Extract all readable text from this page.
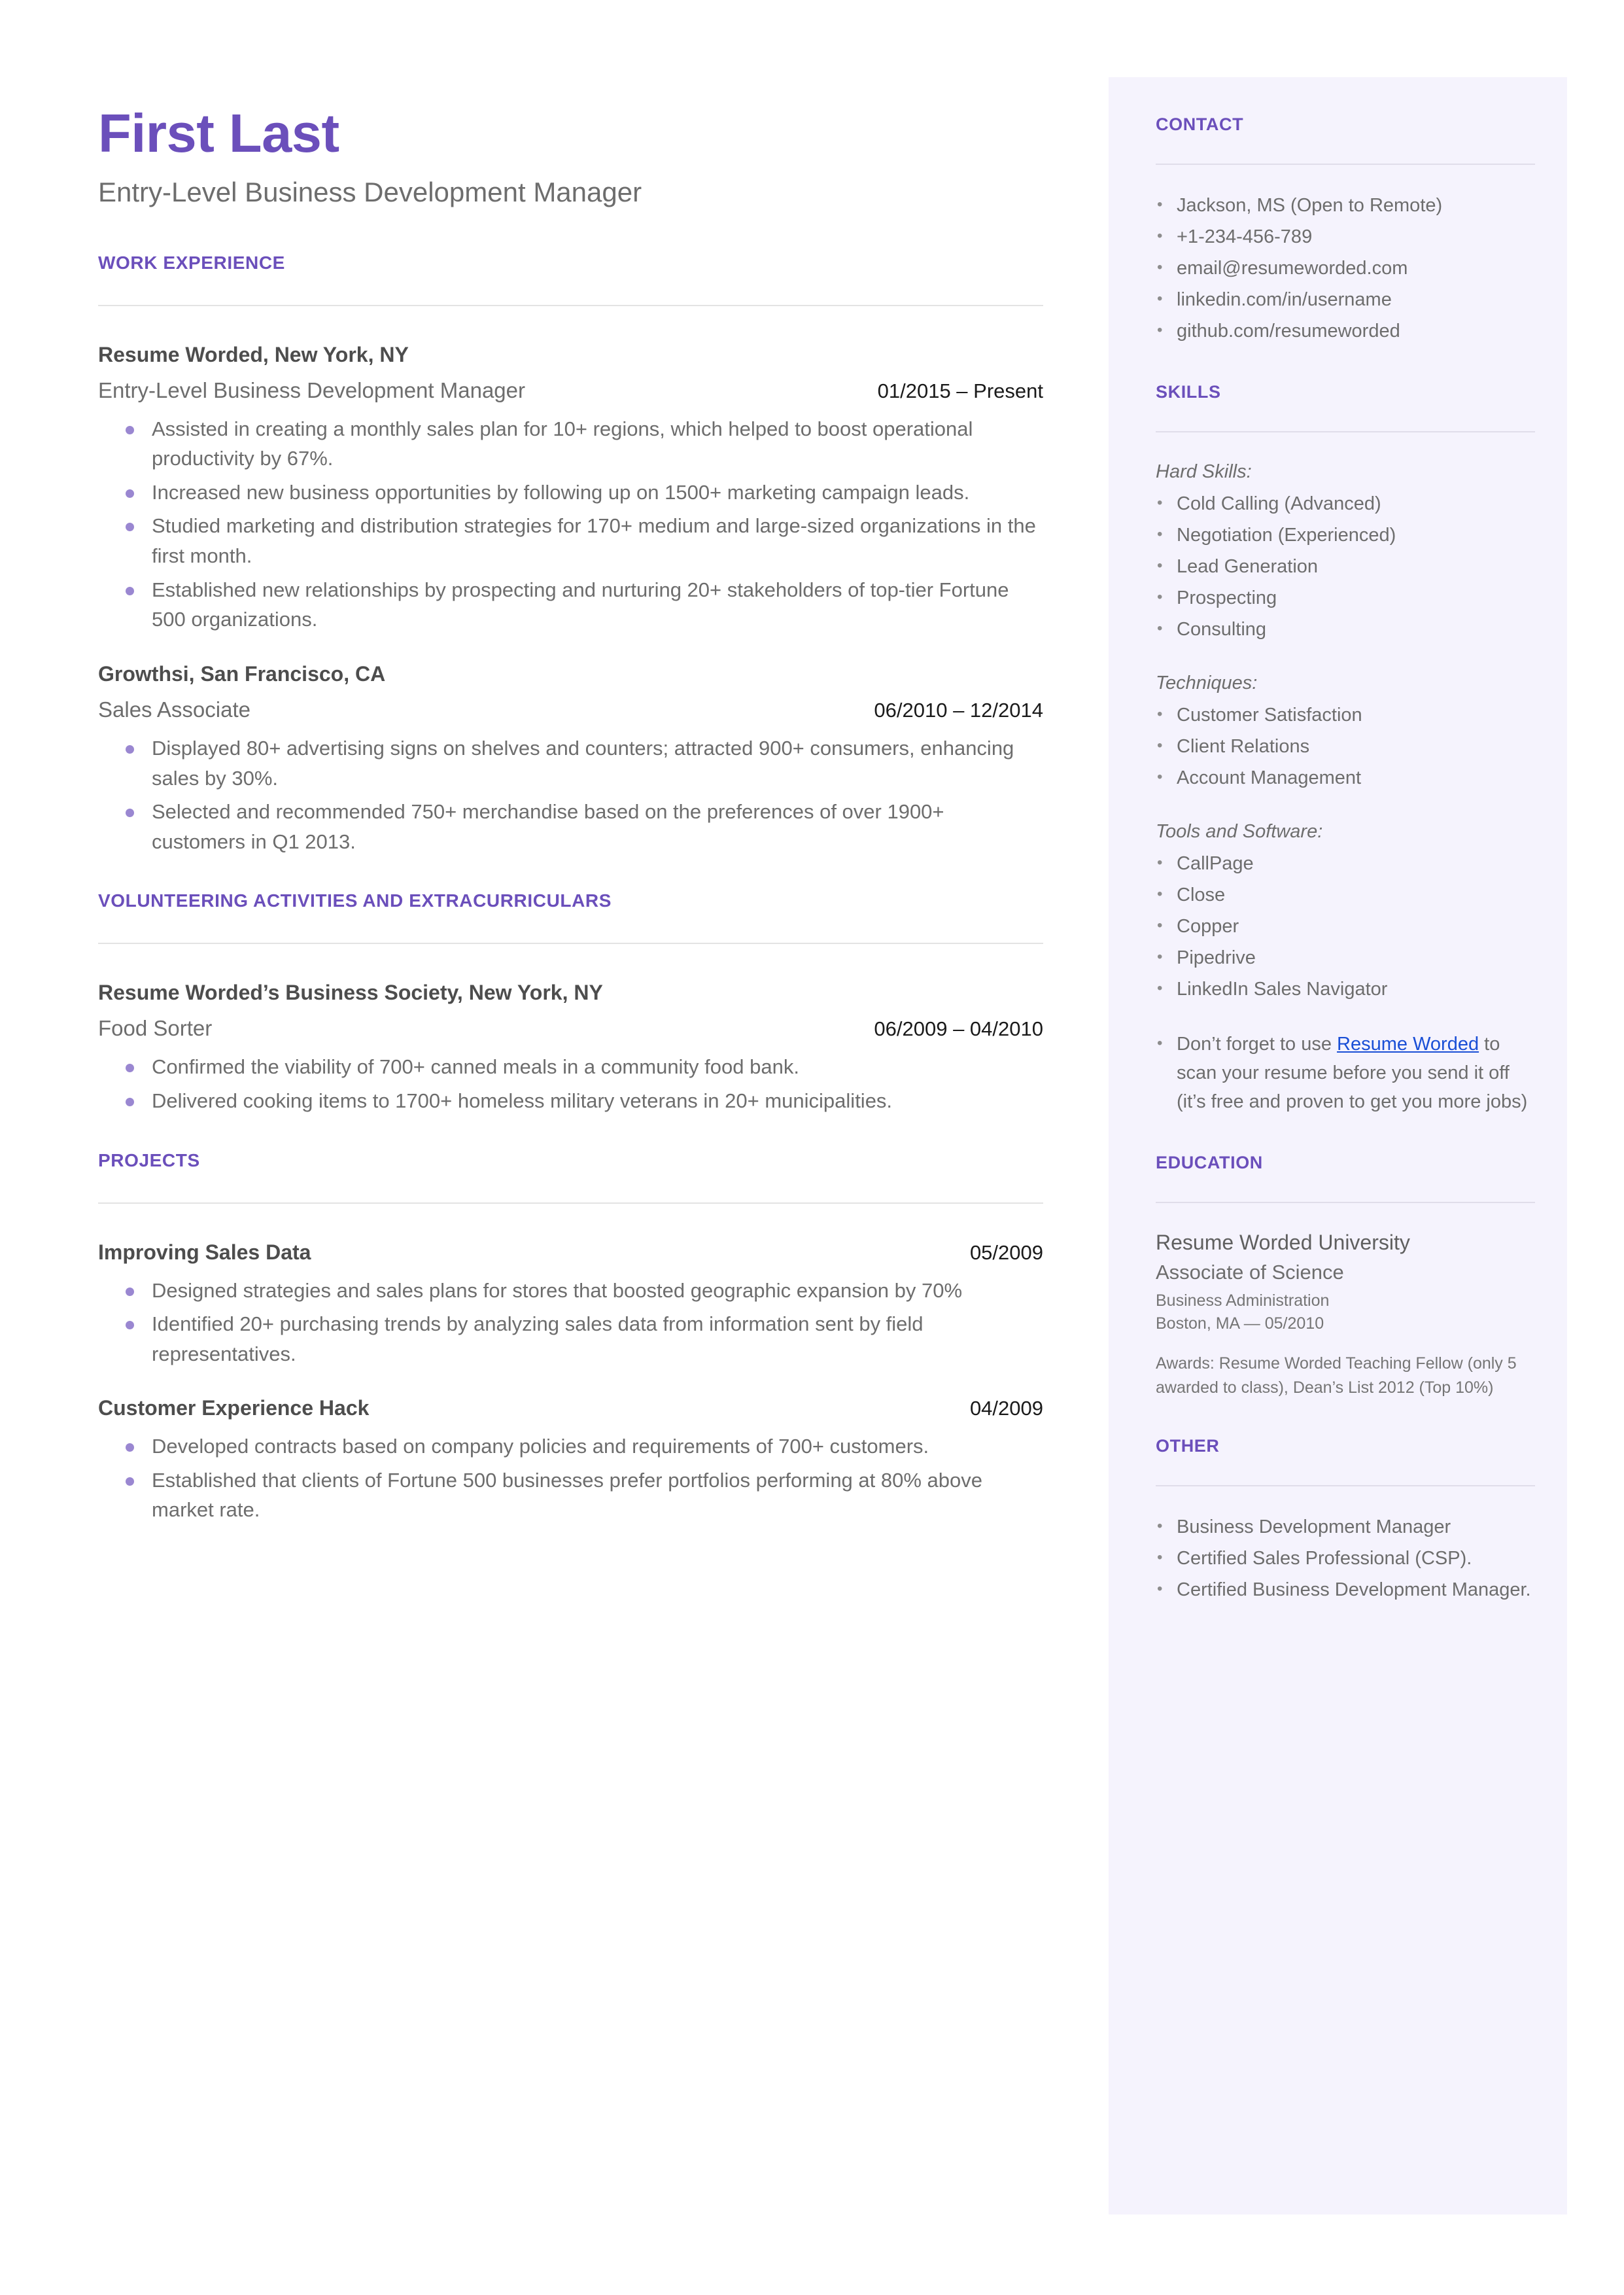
First Last
Entry-Level Business Development Manager
WORK EXPERIENCE
Resume Worded, New York, NY
Entry-Level Business Development Manager	01/2015 – Present
Assisted in creating a monthly sales plan for 10+ regions, which helped to boost operational productivity by 67%.
Increased new business opportunities by following up on 1500+ marketing campaign leads.
Studied marketing and distribution strategies for 170+ medium and large-sized organizations in the first month.
Established new relationships by prospecting and nurturing 20+ stakeholders of top-tier Fortune 500 organizations.
Growthsi, San Francisco, CA
Sales Associate	06/2010 – 12/2014
Displayed 80+ advertising signs on shelves and counters; attracted 900+ consumers, enhancing sales by 30%.
Selected and recommended 750+ merchandise based on the preferences of over 1900+ customers in Q1 2013.
VOLUNTEERING ACTIVITIES AND EXTRACURRICULARS
Resume Worded’s Business Society, New York, NY
Food Sorter	06/2009 – 04/2010
Confirmed the viability of 700+ canned meals in a community food bank.
Delivered cooking items to 1700+ homeless military veterans in 20+ municipalities.
PROJECTS
Improving Sales Data	05/2009
Designed strategies and sales plans for stores that boosted geographic expansion by 70%
Identified 20+ purchasing trends by analyzing sales data from information sent by field representatives.
Customer Experience Hack	04/2009
Developed contracts based on company policies and requirements of 700+ customers.
Established that clients of Fortune 500 businesses prefer portfolios performing at 80% above market rate.
CONTACT
• Jackson, MS (Open to Remote)
• +1-234-456-789
• email@resumeworded.com
• linkedin.com/in/username
• github.com/resumeworded
SKILLS
Hard Skills:
• Cold Calling (Advanced)
• Negotiation (Experienced)
• Lead Generation
• Prospecting
• Consulting
Techniques:
• Customer Satisfaction
• Client Relations
• Account Management
Tools and Software:
• CallPage
• Close
• Copper
• Pipedrive
• LinkedIn Sales Navigator
• Don’t forget to use Resume Worded to scan your resume before you send it off (it’s free and proven to get you more jobs)
EDUCATION
Resume Worded University
Associate of Science
Business Administration
Boston, MA — 05/2010
Awards: Resume Worded Teaching Fellow (only 5 awarded to class), Dean’s List 2012 (Top 10%)
OTHER
• Business Development Manager
• Certified Sales Professional (CSP).
• Certified Business Development Manager.
